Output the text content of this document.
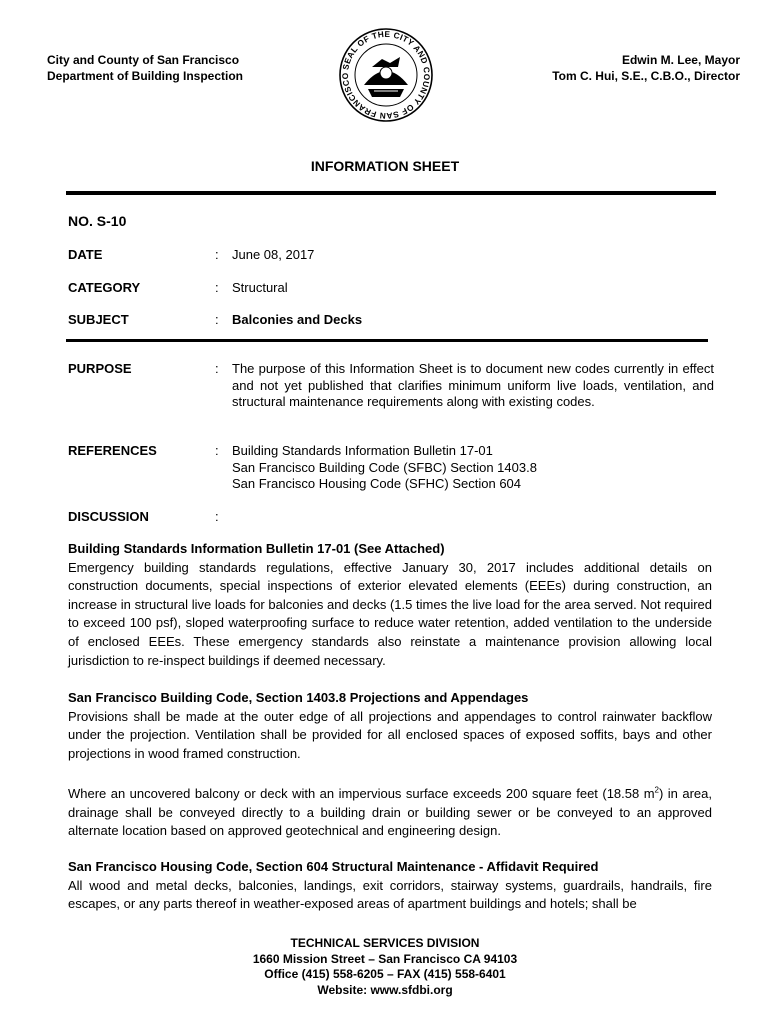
City and County of San Francisco
Department of Building Inspection
SEAL OF THE CITY AND COUNTY OF SAN FRANCISCO
Edwin M. Lee, Mayor
Tom C. Hui, S.E., C.B.O., Director
INFORMATION SHEET
NO. S-10
DATE	: June 08, 2017
CATEGORY	: Structural
SUBJECT	: Balconies and Decks
PURPOSE	: The purpose of this Information Sheet is to document new codes currently in effect and not yet published that clarifies minimum uniform live loads, ventilation, and structural maintenance requirements along with existing codes.
REFERENCES	: Building Standards Information Bulletin 17-01
San Francisco Building Code (SFBC) Section 1403.8
San Francisco Housing Code (SFHC) Section 604
DISCUSSION	:
Building Standards Information Bulletin 17-01 (See Attached)

Emergency building standards regulations, effective January 30, 2017 includes additional details on construction documents, special inspections of exterior elevated elements (EEEs) during construction, an increase in structural live loads for balconies and decks (1.5 times the live load for the area served. Not required to exceed 100 psf), sloped waterproofing surface to reduce water retention, added ventilation to the underside of enclosed EEEs. These emergency standards also reinstate a maintenance provision allowing local jurisdiction to re-inspect buildings if deemed necessary.

San Francisco Building Code, Section 1403.8 Projections and Appendages

Provisions shall be made at the outer edge of all projections and appendages to control rainwater backflow under the projection. Ventilation shall be provided for all enclosed spaces of exposed soffits, bays and other projections in wood framed construction.

Where an uncovered balcony or deck with an impervious surface exceeds 200 square feet (18.58 $m^2$) in area, drainage shall be conveyed directly to a building drain or building sewer or be conveyed to an approved alternate location based on approved geotechnical and engineering design.

San Francisco Housing Code, Section 604 Structural Maintenance - Affidavit Required

All wood and metal decks, balconies, landings, exit corridors, stairway systems, guardrails, handrails, fire escapes, or any parts thereof in weather-exposed areas of apartment buildings and hotels; shall be

TECHNICAL SERVICES DIVISION
1660 Mission Street – San Francisco CA 94103
Office (415) 558-6205 – FAX (415) 558-6401
Website: www.sfdbi.org
